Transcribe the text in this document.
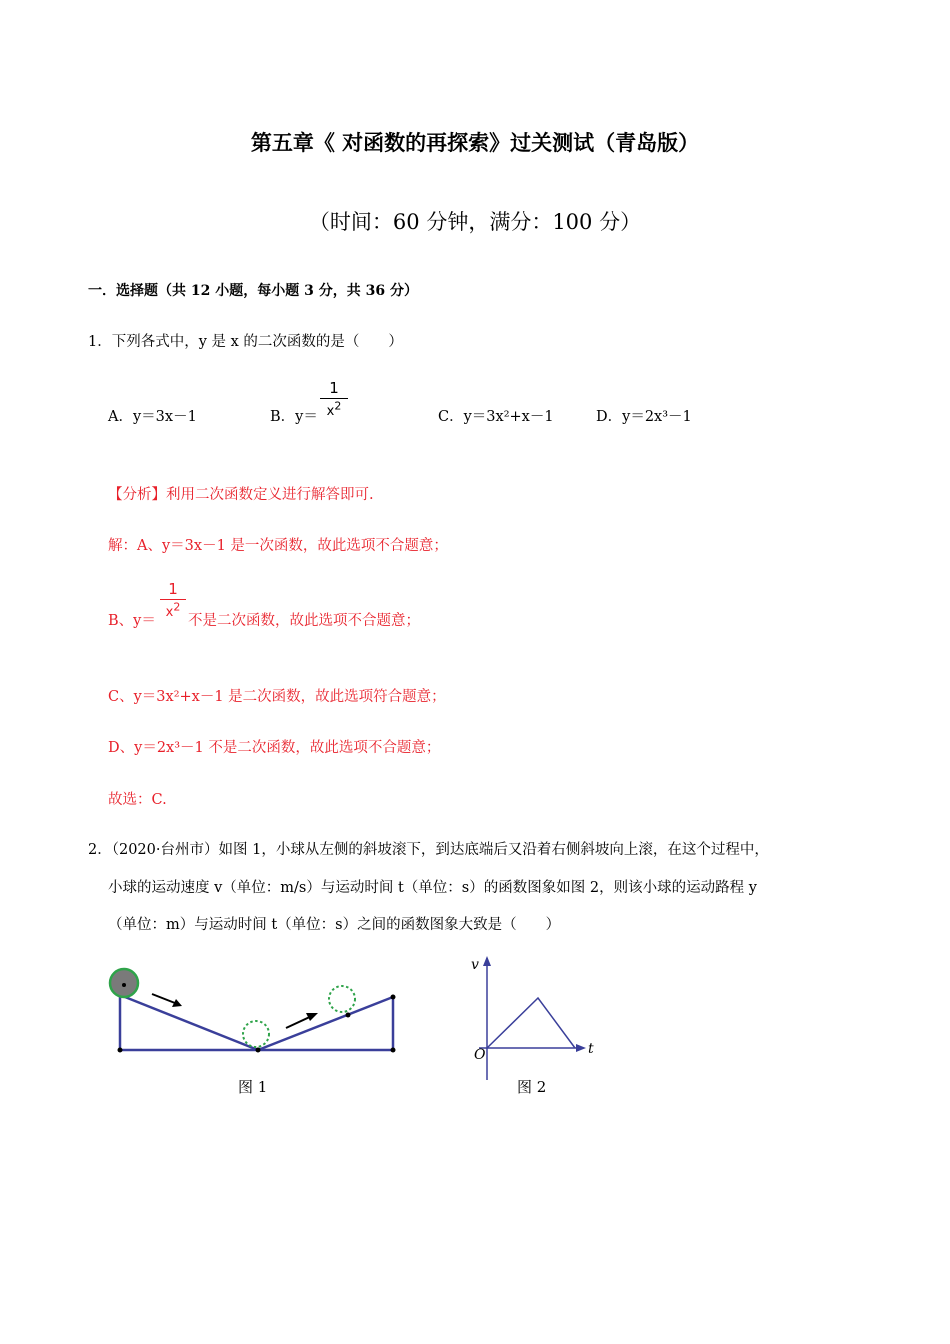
第五章《 对函数的再探索》过关测试（青岛版）
（时间：60 分钟，满分：100 分）
一．选择题（共 12 小题，每小题 3 分，共 36 分）
1．下列各式中，y 是 x 的二次函数的是（　　）
A．y＝3x－1	B．y＝
1
$x^2$
C．y＝3x²+x－1	D．y＝2x³－1
【分析】利用二次函数定义进行解答即可.
解：A、y＝3x－1 是一次函数，故此选项不合题意；
B、y＝
1
$x^2$
不是二次函数，故此选项不合题意；
C、y＝3x²+x－1 是二次函数，故此选项符合题意；
D、y＝2x³－1 不是二次函数，故此选项不合题意；
故选：C.
2．（2020·台州市）如图 1，小球从左侧的斜坡滚下，到达底端后又沿着右侧斜坡向上滚，在这个过程中，
小球的运动速度 v（单位：m/s）与运动时间 t（单位：s）的函数图象如图 2，则该小球的运动路程 y
（单位：m）与运动时间 t（单位：s）之间的函数图象大致是（　　）
图 1
v
t
O
图 2
